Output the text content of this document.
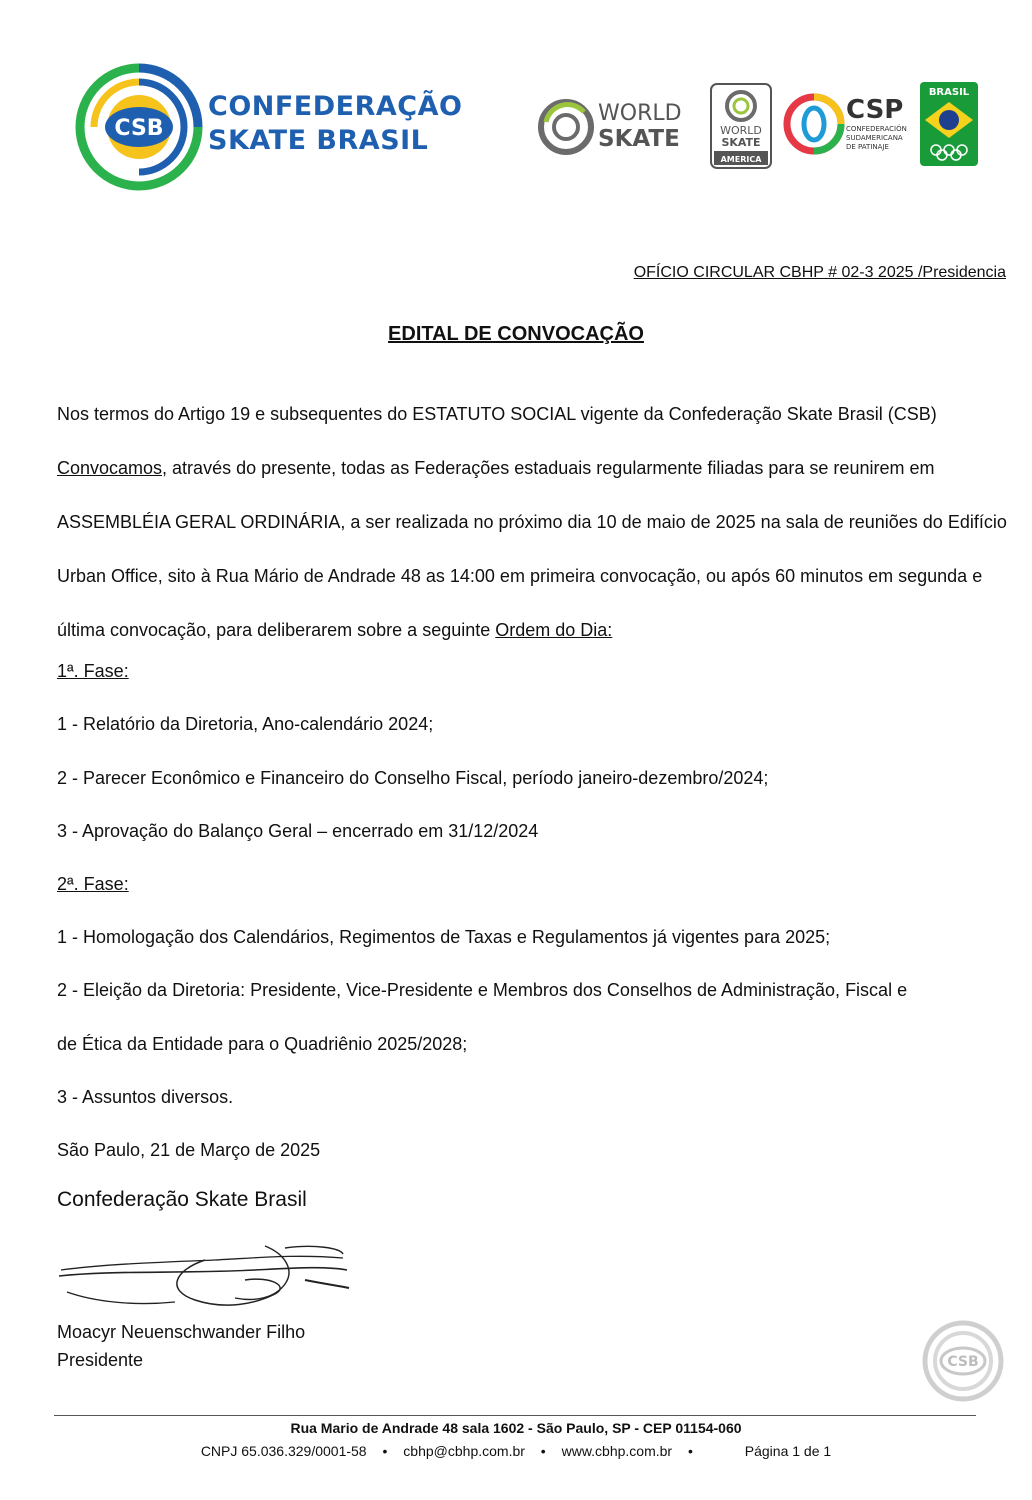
CSB
CONFEDERAÇÃO
SKATE BRASIL
WORLD
SKATE	WORLD
SKATE
AMERICA
CSP
CONFEDERACIÓN
SUDAMERICANA
DE PATINAJE
BRASIL
OFÍCIO CIRCULAR CBHP # 02-3 2025 /Presidencia
EDITAL DE CONVOCAÇÃO
Nos termos do Artigo 19 e subsequentes do ESTATUTO SOCIAL vigente da Confederação Skate Brasil (CSB) Convocamos, através do presente, todas as Federações estaduais regularmente filiadas para se reunirem em ASSEMBLÉIA GERAL ORDINÁRIA, a ser realizada no próximo dia 10 de maio de 2025 na sala de reuniões do Edifício Urban Office, sito à Rua Mário de Andrade 48 as 14:00 em primeira convocação, ou após 60 minutos em segunda e última convocação, para deliberarem sobre a seguinte Ordem do Dia:
1ª. Fase:
1 - Relatório da Diretoria, Ano-calendário 2024;
2 - Parecer Econômico e Financeiro do Conselho Fiscal, período janeiro-dezembro/2024;
3 - Aprovação do Balanço Geral – encerrado em 31/12/2024
2ª. Fase:
1 - Homologação dos Calendários, Regimentos de Taxas e Regulamentos já vigentes para 2025;
2 - Eleição da Diretoria: Presidente, Vice-Presidente e Membros dos Conselhos de Administração, Fiscal e
de Ética da Entidade para o Quadriênio 2025/2028;
3 - Assuntos diversos.
São Paulo, 21 de Março de 2025
Confederação Skate Brasil
Moacyr Neuenschwander Filho
Presidente	CSB
Rua Mario de Andrade 48 sala 1602 - São Paulo, SP - CEP 01154-060
CNPJ 65.036.329/0001-58 • cbhp@cbhp.com.br • www.cbhp.com.br •	Página 1 de 1
